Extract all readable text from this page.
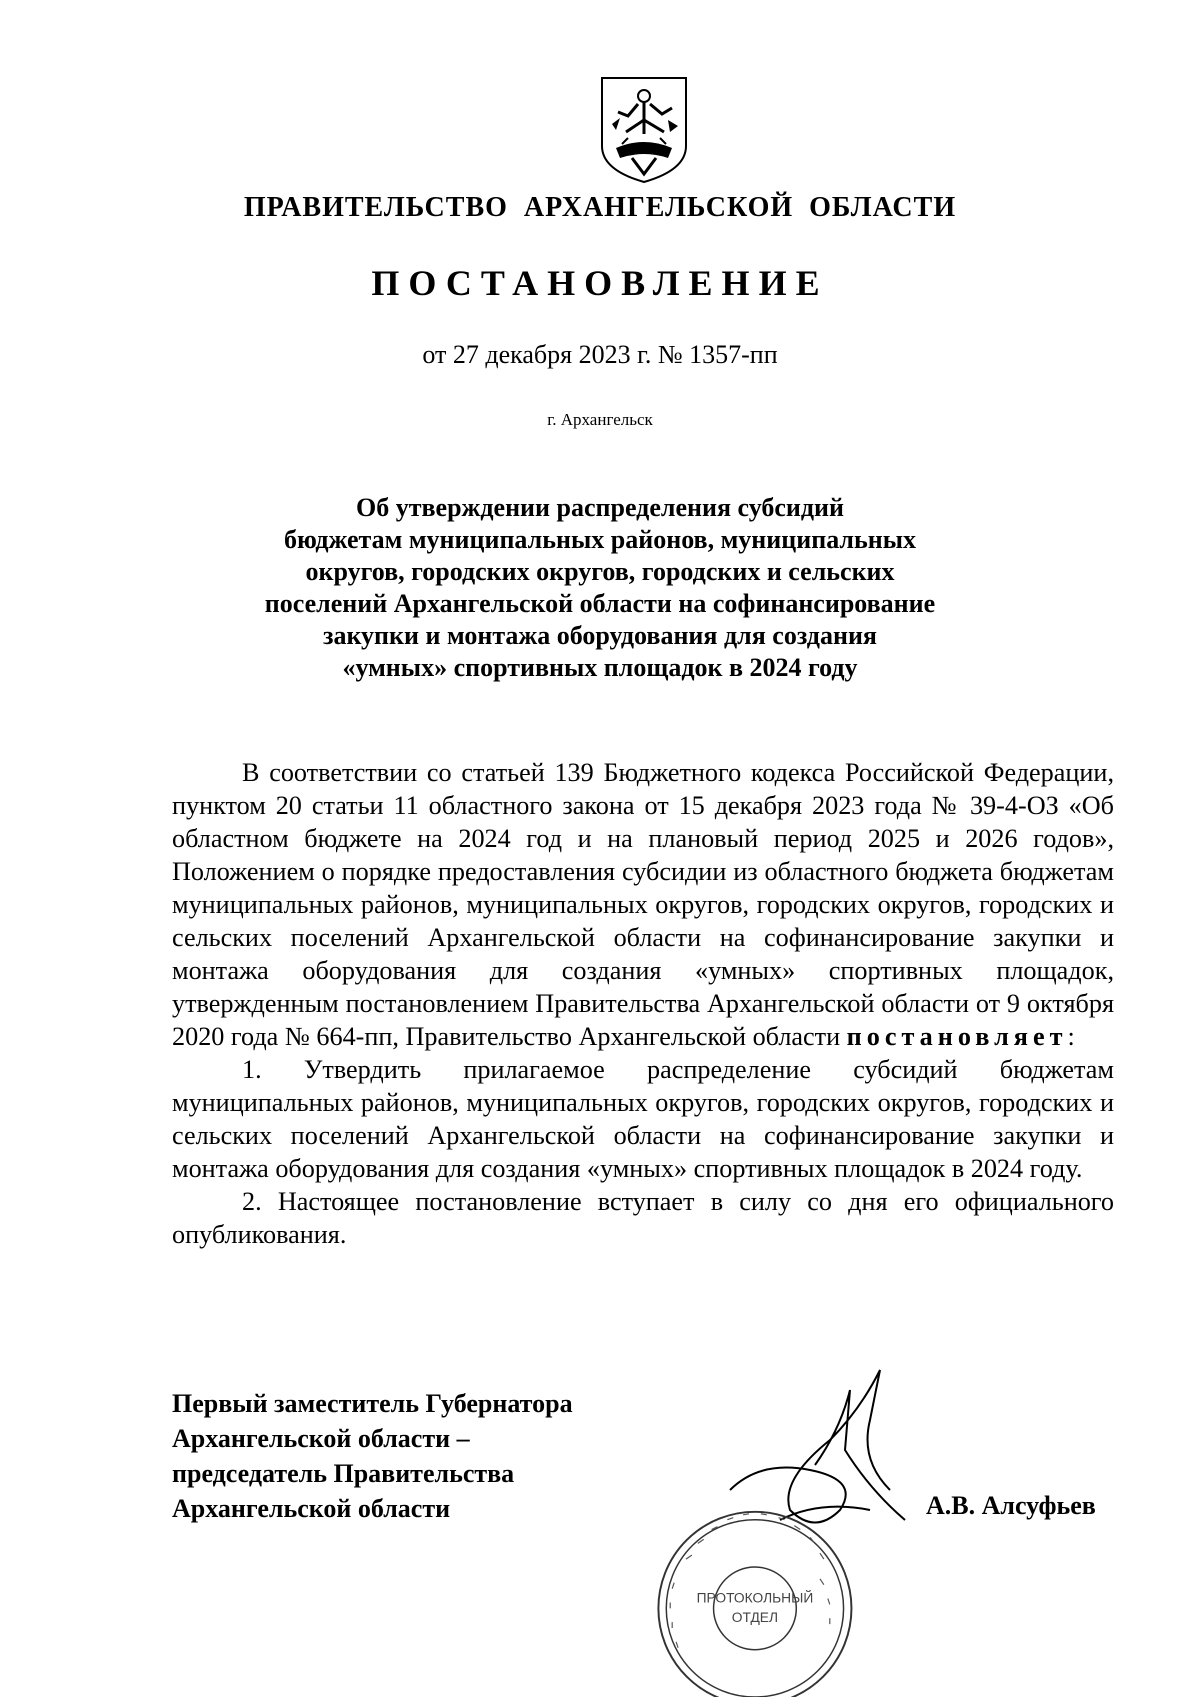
ПРАВИТЕЛЬСТВО АРХАНГЕЛЬСКОЙ ОБЛАСТИ
ПОСТАНОВЛЕНИЕ
от 27 декабря 2023 г. № 1357-пп
г. Архангельск
Об утверждении распределения субсидий
бюджетам муниципальных районов, муниципальных
округов, городских округов, городских и сельских
поселений Архангельской области на софинансирование
закупки и монтажа оборудования для создания
«умных» спортивных площадок в 2024 году

В соответствии со статьей 139 Бюджетного кодекса Российской Федерации, пунктом 20 статьи 11 областного закона от 15 декабря 2023 года № 39-4-ОЗ «Об областном бюджете на 2024 год и на плановый период 2025 и 2026 годов», Положением о порядке предоставления субсидии из областного бюджета бюджетам муниципальных районов, муниципальных округов, городских округов, городских и сельских поселений Архангельской области на софинансирование закупки и монтажа оборудования для создания «умных» спортивных площадок, утвержденным постановлением Правительства Архангельской области от 9 октября 2020 года № 664-пп, Правительство Архангельской области постановляет:

1. Утвердить прилагаемое распределение субсидий бюджетам муниципальных районов, муниципальных округов, городских округов, городских и сельских поселений Архангельской области на софинансирование закупки и монтажа оборудования для создания «умных» спортивных площадок в 2024 году.

2. Настоящее постановление вступает в силу со дня его официального опубликования.

Первый заместитель Губернатора
Архангельской области –
председатель Правительства
Архангельской области	А.В. Алсуфьев
ПРОТОКОЛЬНЫЙ
ОТДЕЛ
